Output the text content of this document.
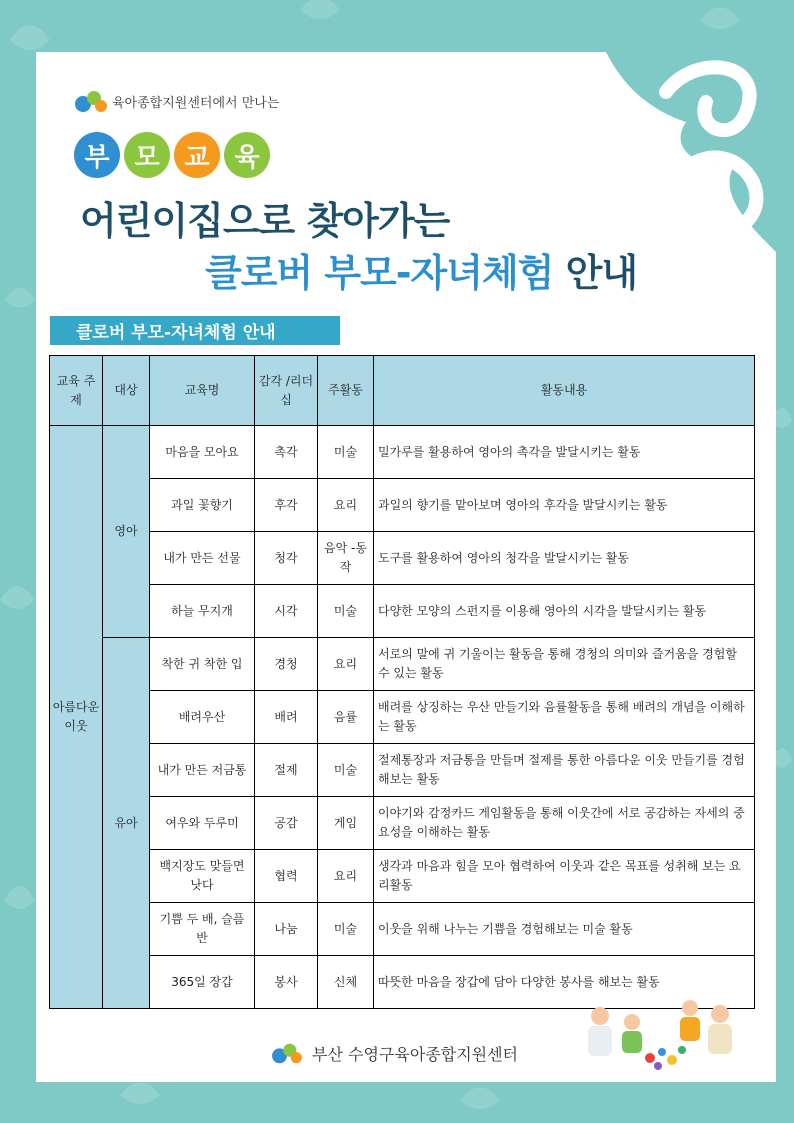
육아종합지원센터에서 만나는
부 모 교 육
어린이집으로 찾아가는
클로버 부모-자녀체험 안내
클로버 부모-자녀체험 안내
교육 주제	대상	교육명	감각 /리더십	주활동	활동내용
아름다운 이웃	영아	마음을 모아요	촉각	미술	밀가루를 활용하여 영아의 촉각을 발달시키는 활동
		과일 꽃향기	후각	요리	과일의 향기를 맡아보며 영아의 후각을 발달시키는 활동
		내가 만든 선물	청각	음악 -동작	도구를 활용하여 영아의 청각을 발달시키는 활동
		하늘 무지개	시각	미술	다양한 모양의 스펀지를 이용해 영아의 시각을 발달시키는 활동
	유아	착한 귀 착한 입	경청	요리	서로의 말에 귀 기울이는 활동을 통해 경청의 의미와 즐거움을 경험할 수 있는 활동
		배려우산	배려	음률	배려를 상징하는 우산 만들기와 음률활동을 통해 배려의 개념을 이해하는 활동
		내가 만든 저금통	절제	미술	절제통장과 저금통을 만들며 절제를 통한 아름다운 이웃 만들기를 경험해보는 활동
		여우와 두루미	공감	게임	이야기와 감정카드 게임활동을 통해 이웃간에 서로 공감하는 자세의 중요성을 이해하는 활동
		백지장도 맞들면 낫다	협력	요리	생각과 마음과 힘을 모아 협력하여 이웃과 같은 목표를 성취해 보는 요리활동
		기쁨 두 배, 슬픔 반	나눔	미술	이웃을 위해 나누는 기쁨을 경험해보는 미술 활동
		365일 장갑	봉사	신체	따뜻한 마음을 장갑에 담아 다양한 봉사를 해보는 활동
부산 수영구육아종합지원센터
